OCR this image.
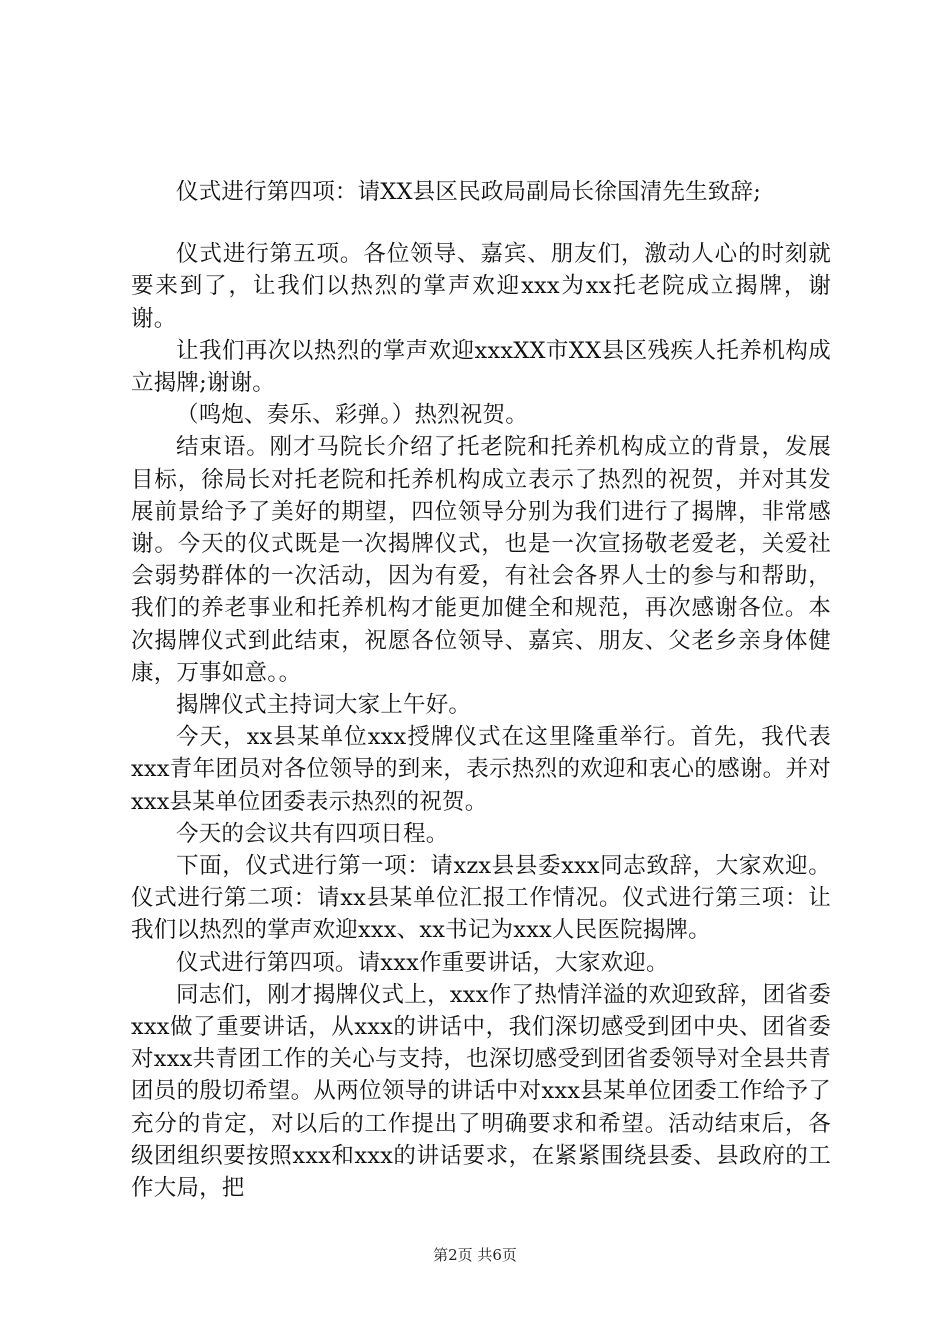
仪式进行第四项：请XX县区民政局副局长徐国清先生致辞;

仪式进行第五项。各位领导、嘉宾、朋友们，激动人心的时刻就要来到了，让我们以热烈的掌声欢迎xxx为xx托老院成立揭牌，谢谢。

让我们再次以热烈的掌声欢迎xxxXX市XX县区残疾人托养机构成立揭牌;谢谢。

（鸣炮、奏乐、彩弹。）热烈祝贺。

结束语。刚才马院长介绍了托老院和托养机构成立的背景，发展目标，徐局长对托老院和托养机构成立表示了热烈的祝贺，并对其发展前景给予了美好的期望，四位领导分别为我们进行了揭牌，非常感谢。今天的仪式既是一次揭牌仪式，也是一次宣扬敬老爱老，关爱社会弱势群体的一次活动，因为有爱，有社会各界人士的参与和帮助，我们的养老事业和托养机构才能更加健全和规范，再次感谢各位。本次揭牌仪式到此结束，祝愿各位领导、嘉宾、朋友、父老乡亲身体健康，万事如意。。

揭牌仪式主持词大家上午好。

今天，xx县某单位xxx授牌仪式在这里隆重举行。首先，我代表xxx青年团员对各位领导的到来，表示热烈的欢迎和衷心的感谢。并对xxx县某单位团委表示热烈的祝贺。

今天的会议共有四项日程。

下面，仪式进行第一项：请xzx县县委xxx同志致辞，大家欢迎。仪式进行第二项：请xx县某单位汇报工作情况。仪式进行第三项：让我们以热烈的掌声欢迎xxx、xx书记为xxx人民医院揭牌。

仪式进行第四项。请xxx作重要讲话，大家欢迎。

同志们，刚才揭牌仪式上，xxx作了热情洋溢的欢迎致辞，团省委xxx做了重要讲话，从xxx的讲话中，我们深切感受到团中央、团省委对xxx共青团工作的关心与支持，也深切感受到团省委领导对全县共青团员的殷切希望。从两位领导的讲话中对xxx县某单位团委工作给予了充分的肯定，对以后的工作提出了明确要求和希望。活动结束后，各级团组织要按照xxx和xxx的讲话要求，在紧紧围绕县委、县政府的工作大局，把

第2页 共6页
